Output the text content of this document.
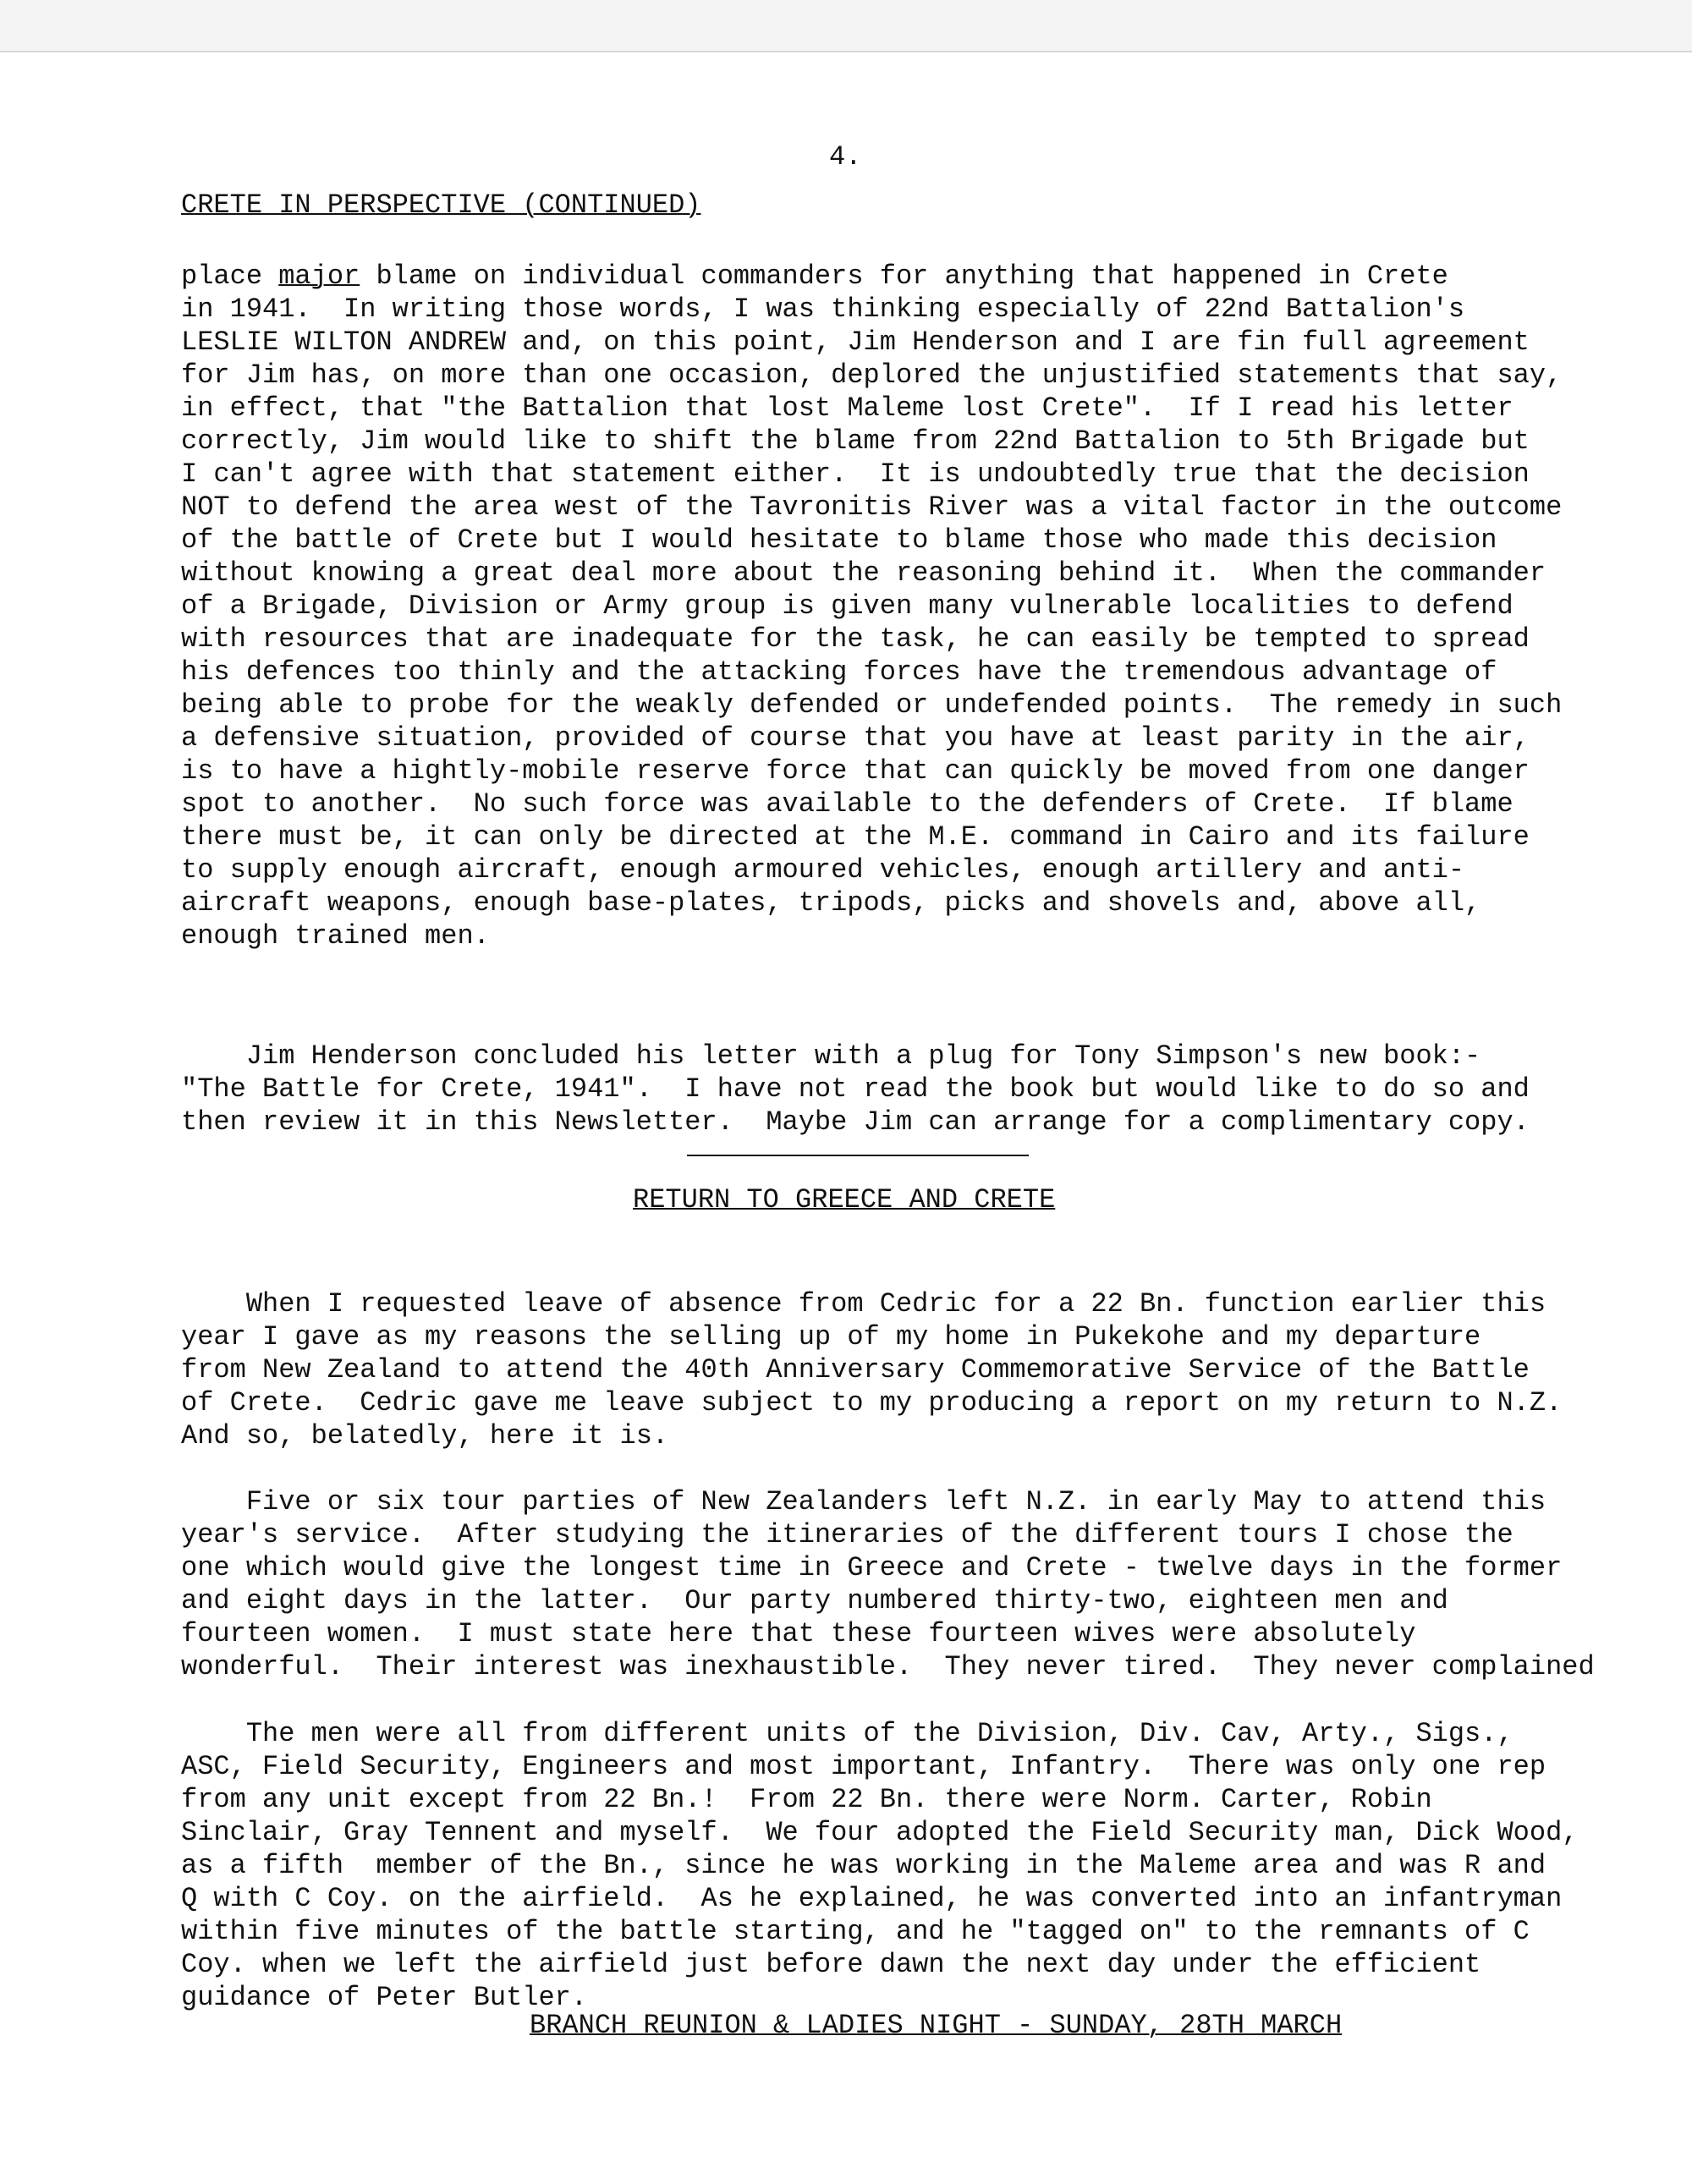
4.
CRETE IN PERSPECTIVE (CONTINUED)
place major blame on individual commanders for anything that happened in Crete
in 1941.  In writing those words, I was thinking especially of 22nd Battalion's
LESLIE WILTON ANDREW and, on this point, Jim Henderson and I are fin full agreement
for Jim has, on more than one occasion, deplored the unjustified statements that say,
in effect, that "the Battalion that lost Maleme lost Crete".  If I read his letter
correctly, Jim would like to shift the blame from 22nd Battalion to 5th Brigade but
I can't agree with that statement either.  It is undoubtedly true that the decision
NOT to defend the area west of the Tavronitis River was a vital factor in the outcome
of the battle of Crete but I would hesitate to blame those who made this decision
without knowing a great deal more about the reasoning behind it.  When the commander
of a Brigade, Division or Army group is given many vulnerable localities to defend
with resources that are inadequate for the task, he can easily be tempted to spread
his defences too thinly and the attacking forces have the tremendous advantage of
being able to probe for the weakly defended or undefended points.  The remedy in such
a defensive situation, provided of course that you have at least parity in the air,
is to have a hightly-mobile reserve force that can quickly be moved from one danger
spot to another.  No such force was available to the defenders of Crete.  If blame
there must be, it can only be directed at the M.E. command in Cairo and its failure
to supply enough aircraft, enough armoured vehicles, enough artillery and anti-
aircraft weapons, enough base-plates, tripods, picks and shovels and, above all,
enough trained men.
Jim Henderson concluded his letter with a plug for Tony Simpson's new book:-
"The Battle for Crete, 1941".  I have not read the book but would like to do so and
then review it in this Newsletter.  Maybe Jim can arrange for a complimentary copy.
RETURN TO GREECE AND CRETE
When I requested leave of absence from Cedric for a 22 Bn. function earlier this
year I gave as my reasons the selling up of my home in Pukekohe and my departure
from New Zealand to attend the 40th Anniversary Commemorative Service of the Battle
of Crete.  Cedric gave me leave subject to my producing a report on my return to N.Z.
And so, belatedly, here it is.
Five or six tour parties of New Zealanders left N.Z. in early May to attend this
year's service.  After studying the itineraries of the different tours I chose the
one which would give the longest time in Greece and Crete - twelve days in the former
and eight days in the latter.  Our party numbered thirty-two, eighteen men and
fourteen women.  I must state here that these fourteen wives were absolutely
wonderful.  Their interest was inexhaustible.  They never tired.  They never complained
The men were all from different units of the Division, Div. Cav, Arty., Sigs.,
ASC, Field Security, Engineers and most important, Infantry.  There was only one rep
from any unit except from 22 Bn.!  From 22 Bn. there were Norm. Carter, Robin
Sinclair, Gray Tennent and myself.  We four adopted the Field Security man, Dick Wood,
as a fifth  member of the Bn., since he was working in the Maleme area and was R and
Q with C Coy. on the airfield.  As he explained, he was converted into an infantryman
within five minutes of the battle starting, and he "tagged on" to the remnants of C
Coy. when we left the airfield just before dawn the next day under the efficient
guidance of Peter Butler.
BRANCH REUNION & LADIES NIGHT - SUNDAY, 28TH MARCH
